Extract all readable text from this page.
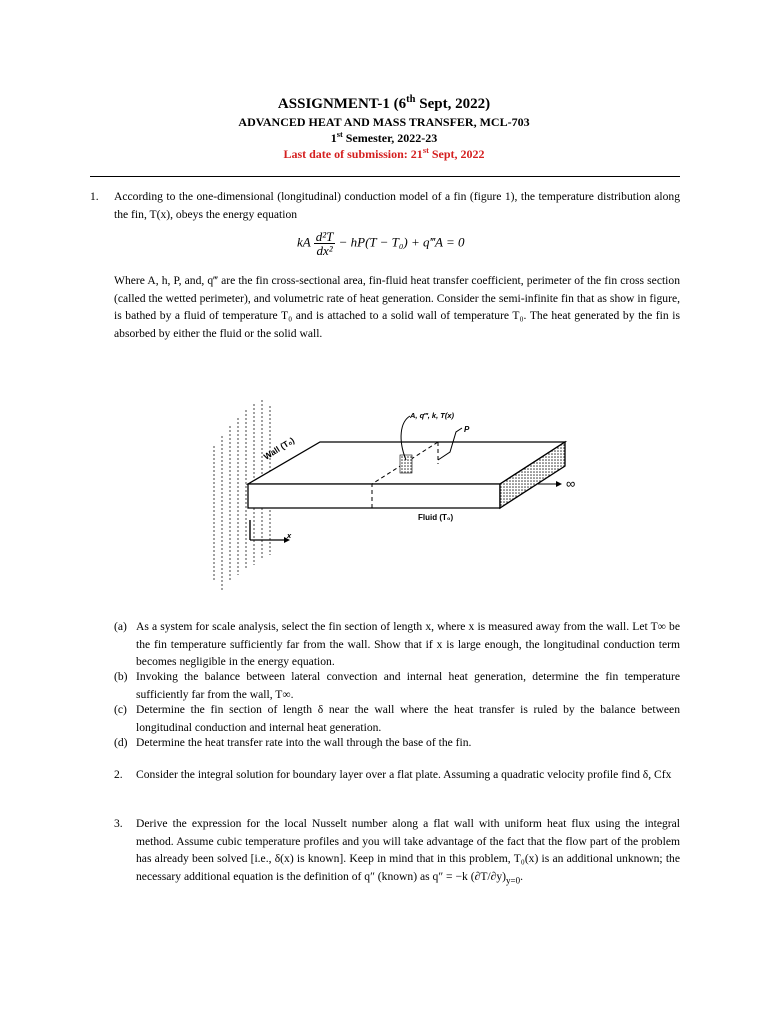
ASSIGNMENT-1 (6th Sept, 2022)
ADVANCED HEAT AND MASS TRANSFER, MCL-703
1st Semester, 2022-23
Last date of submission: 21st Sept, 2022
1. According to the one-dimensional (longitudinal) conduction model of a fin (figure 1), the temperature distribution along the fin, T(x), obeys the energy equation
kA $\frac{\text{d²T}}{\text{dx²}} - hP(T - T_0)$ + q‴A = 0
Where A, h, P, and, q‴ are the fin cross-sectional area, fin-fluid heat transfer coefficient, perimeter of the fin cross section (called the wetted perimeter), and volumetric rate of heat generation. Consider the semi-infinite fin that as show in figure, is bathed by a fluid of temperature T₀ and is attached to a solid wall of temperature T₀. The heat generated by the fin is absorbed by either the fluid or the solid wall.
Wall (T₀)
A, q‴, k, T(x)
P
Fluid (T₀)
∞
x
(a) As a system for scale analysis, select the fin section of length x, where x is measured away from the wall. Let T∞ be the fin temperature sufficiently far from the wall. Show that if x is large enough, the longitudinal conduction term becomes negligible in the energy equation.
(b) Invoking the balance between lateral convection and internal heat generation, determine the fin temperature sufficiently far from the wall, T∞.
(c) Determine the fin section of length δ near the wall where the heat transfer is ruled by the balance between longitudinal conduction and internal heat generation.
(d) Determine the heat transfer rate into the wall through the base of the fin.
2. Consider the integral solution for boundary layer over a flat plate. Assuming a quadratic velocity profile find δ, Cfx
3. Derive the expression for the local Nusselt number along a flat wall with uniform heat flux using the integral method. Assume cubic temperature profiles and you will take advantage of the fact that the flow part of the problem has already been solved [i.e., δ(x) is known]. Keep in mind that in this problem, T₀(x) is an additional unknown; the necessary additional equation is the definition of q″ (known) as q″ = −k $(\partial T/\partial y)_{y=0}$.
